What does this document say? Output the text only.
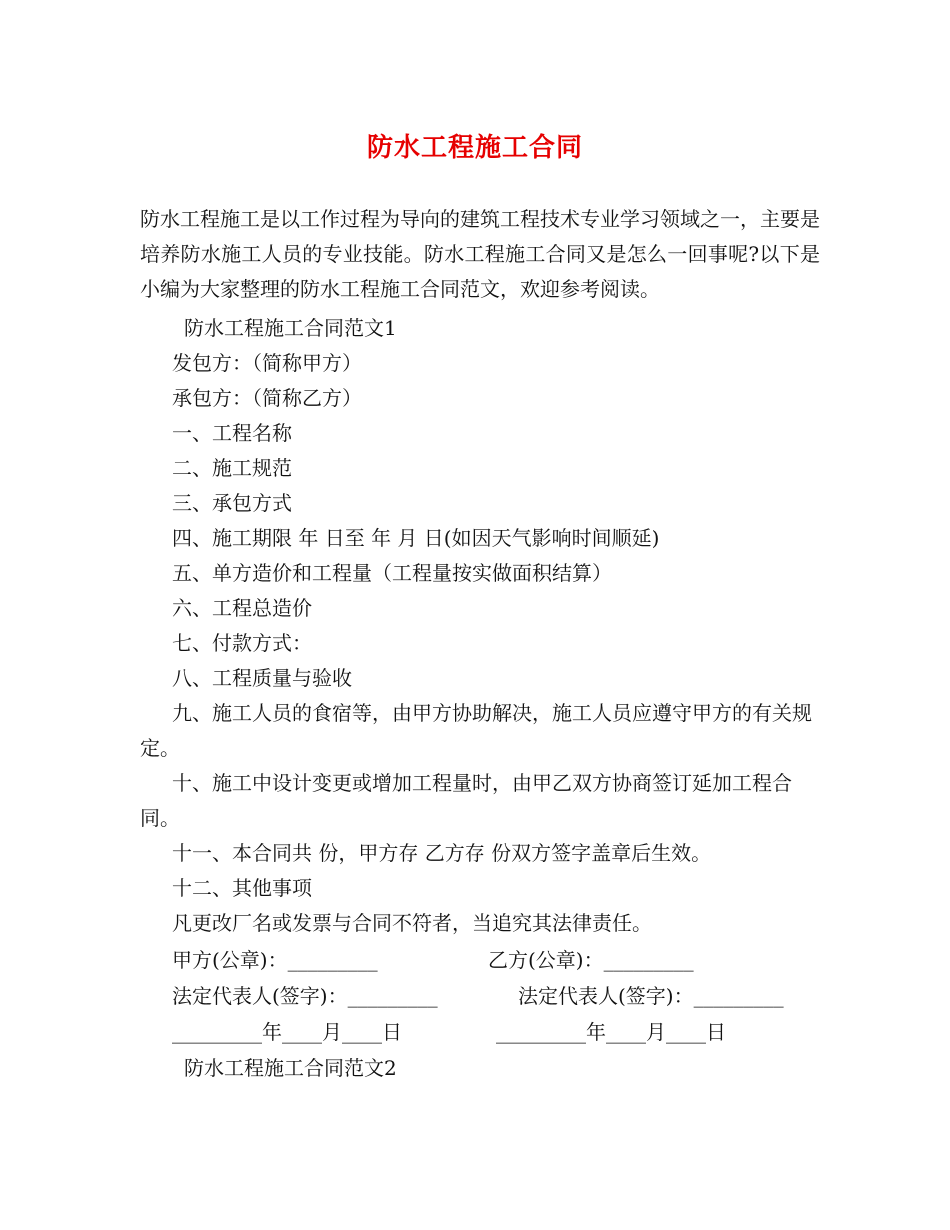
防水工程施工合同

防水工程施工是以工作过程为导向的建筑工程技术专业学习领域之一，主要是培养防水施工人员的专业技能。防水工程施工合同又是怎么一回事呢?以下是小编为大家整理的防水工程施工合同范文，欢迎参考阅读。

防水工程施工合同范文1
发包方：（简称甲方）
承包方：（简称乙方）
一、工程名称
二、施工规范
三、承包方式
四、施工期限 年 日至 年 月 日(如因天气影响时间顺延)
五、单方造价和工程量（工程量按实做面积结算）
六、工程总造价
七、付款方式：
八、工程质量与验收
九、施工人员的食宿等，由甲方协助解决，施工人员应遵守甲方的有关规定。
十、施工中设计变更或增加工程量时，由甲乙双方协商签订延加工程合同。
十一、本合同共 份，甲方存 乙方存 份双方签字盖章后生效。
十二、其他事项
凡更改厂名或发票与合同不符者，当追究其法律责任。
甲方(公章)：_________	乙方(公章)：_________
法定代表人(签字)：_________	法定代表人(签字)：_________
_________年____月____日	_________年____月____日
防水工程施工合同范文2
